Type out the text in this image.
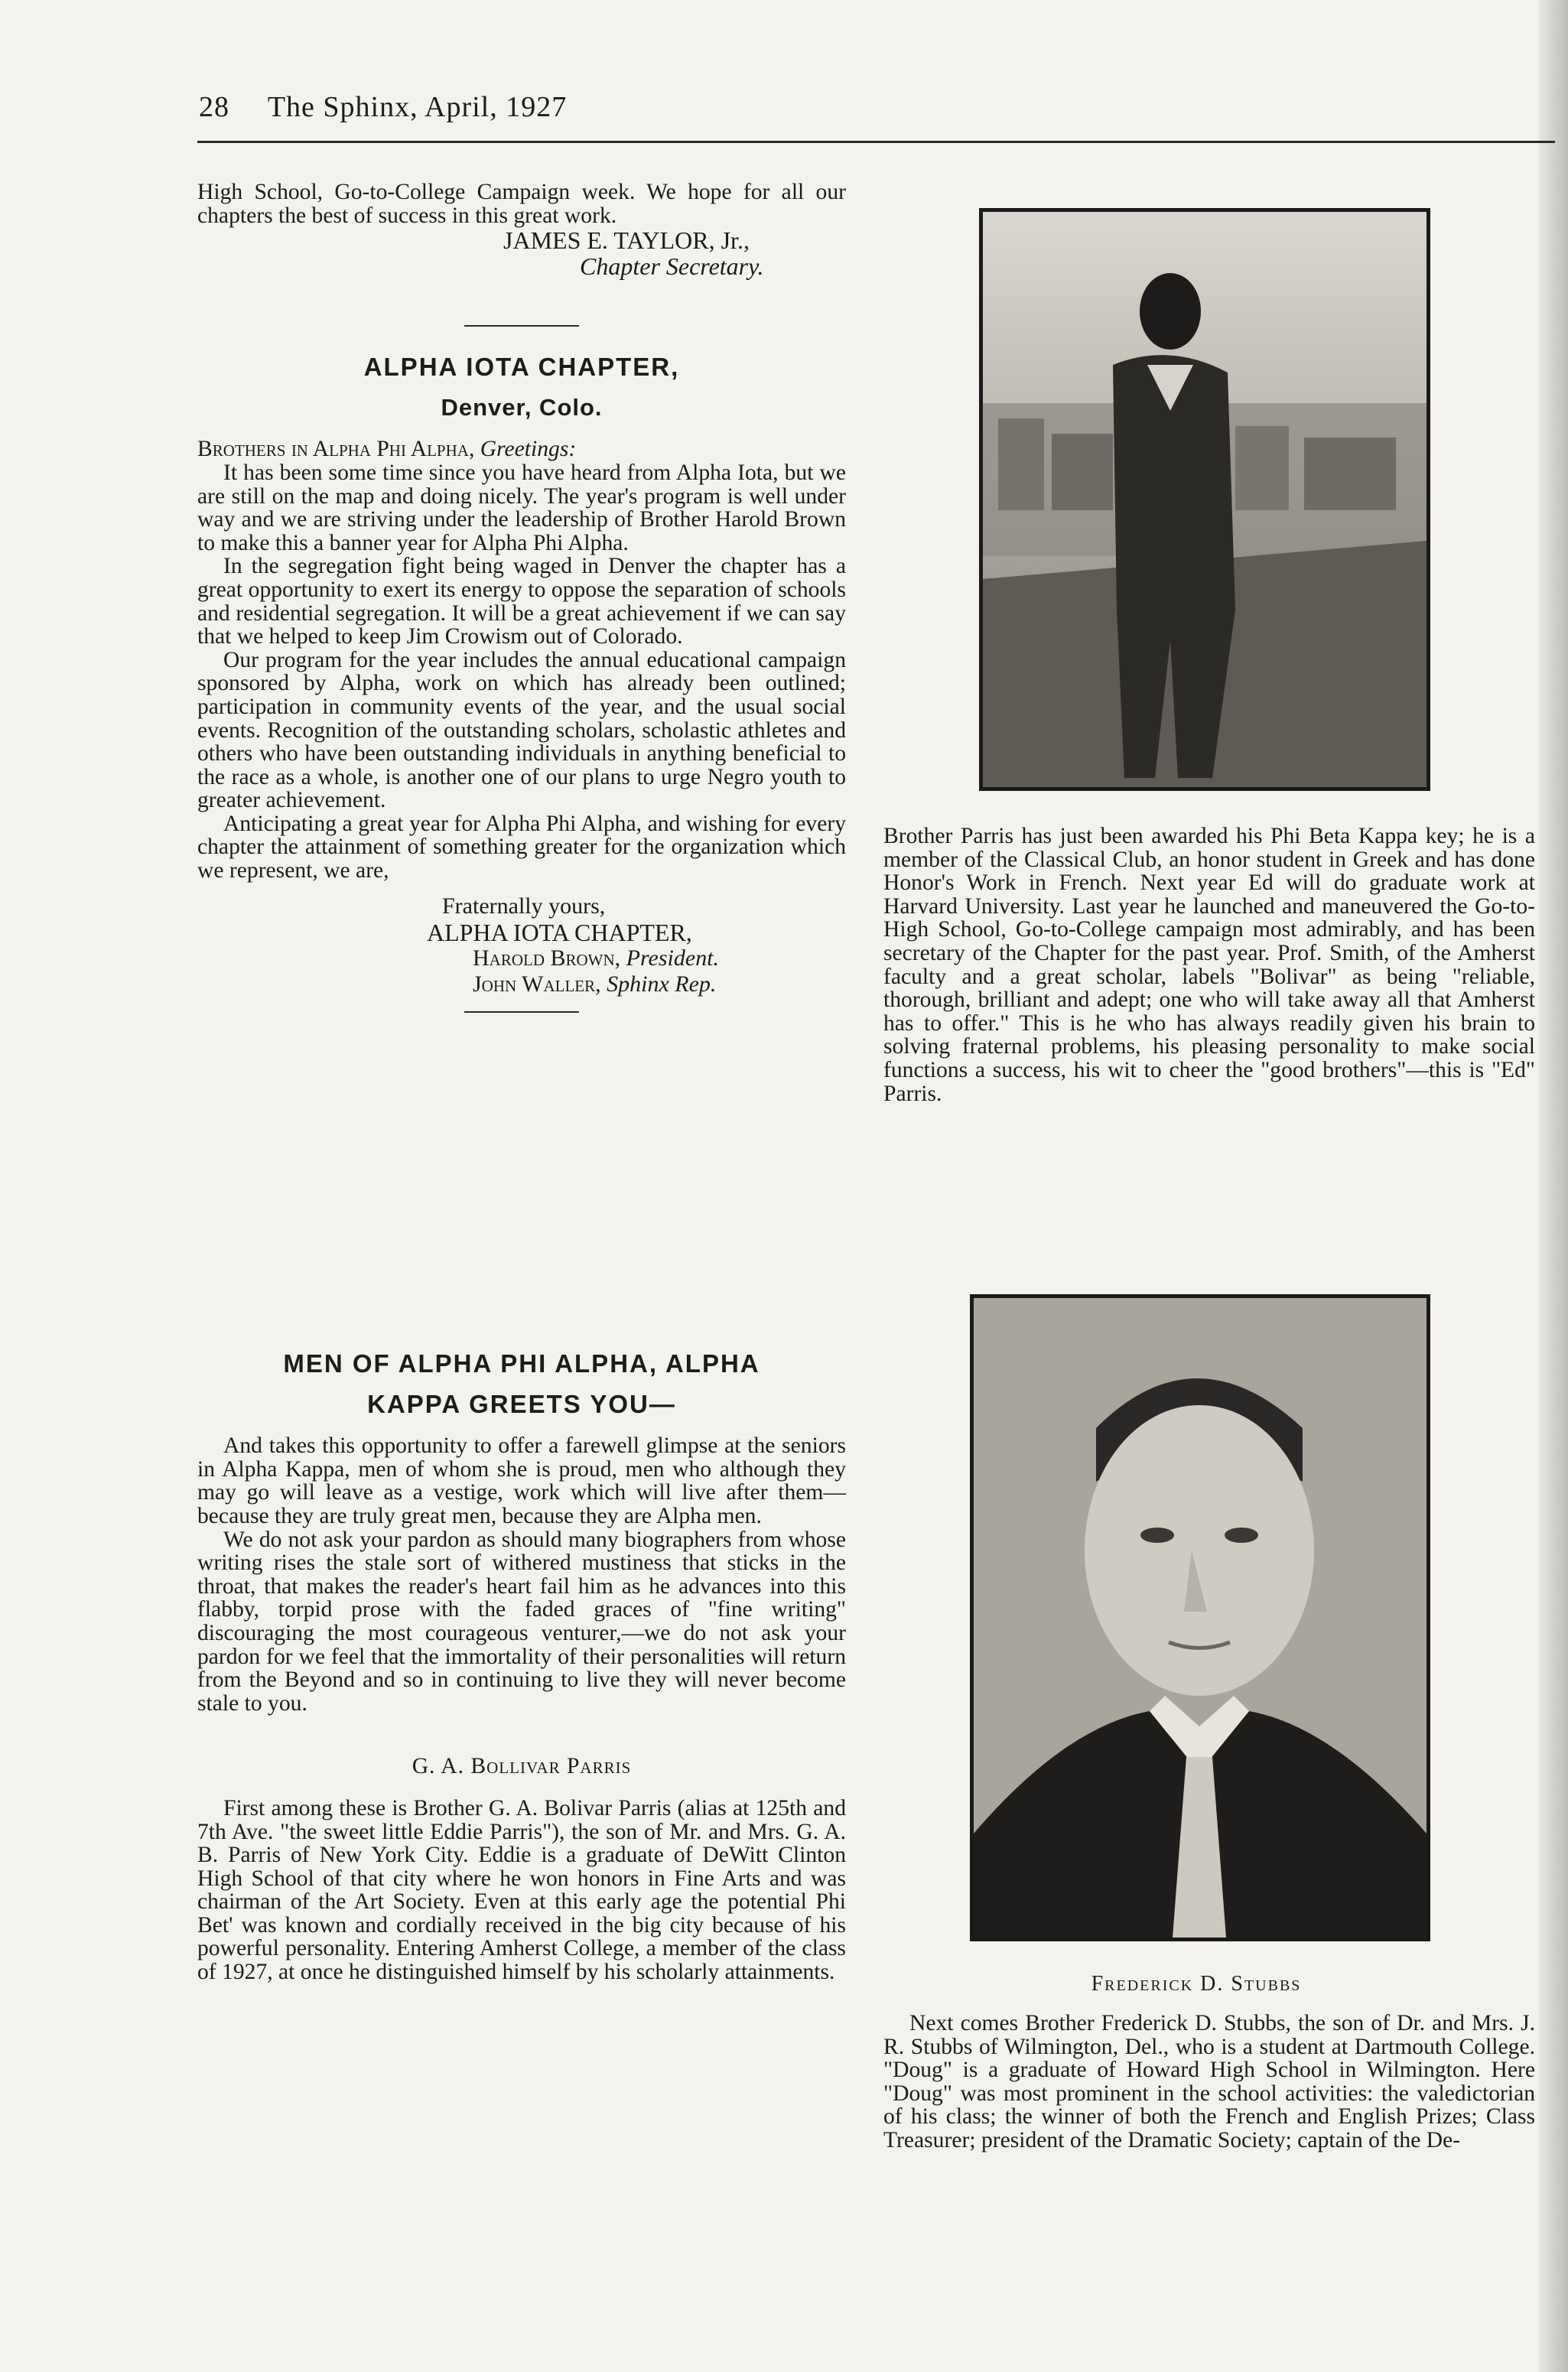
28 The Sphinx, April, 1927

High School, Go-to-College Campaign week. We hope for all our chapters the best of success in this great work.

JAMES E. TAYLOR, Jr.,
Chapter Secretary.
ALPHA IOTA CHAPTER,
Denver, Colo.

Brothers in Alpha Phi Alpha, Greetings:

It has been some time since you have heard from Alpha Iota, but we are still on the map and doing nicely. The year's program is well under way and we are striving under the leadership of Brother Harold Brown to make this a banner year for Alpha Phi Alpha.

In the segregation fight being waged in Denver the chapter has a great opportunity to exert its energy to oppose the separation of schools and residential segregation. It will be a great achievement if we can say that we helped to keep Jim Crowism out of Colorado.

Our program for the year includes the annual educational campaign sponsored by Alpha, work on which has already been outlined; participation in community events of the year, and the usual social events. Recognition of the outstanding scholars, scholastic athletes and others who have been outstanding individuals in anything beneficial to the race as a whole, is another one of our plans to urge Negro youth to greater achievement.

Anticipating a great year for Alpha Phi Alpha, and wishing for every chapter the attainment of something greater for the organization which we represent, we are,

Fraternally yours,
ALPHA IOTA CHAPTER,
Harold Brown, President.
John Waller, Sphinx Rep.
MEN OF ALPHA PHI ALPHA, ALPHA
KAPPA GREETS YOU—

And takes this opportunity to offer a farewell glimpse at the seniors in Alpha Kappa, men of whom she is proud, men who although they may go will leave as a vestige, work which will live after them—because they are truly great men, because they are Alpha men.

We do not ask your pardon as should many biographers from whose writing rises the stale sort of withered mustiness that sticks in the throat, that makes the reader's heart fail him as he advances into this flabby, torpid prose with the faded graces of "fine writing" discouraging the most courageous venturer,—we do not ask your pardon for we feel that the immortality of their personalities will return from the Beyond and so in continuing to live they will never become stale to you.

G. A. Bollivar Parris

First among these is Brother G. A. Bolivar Parris (alias at 125th and 7th Ave. "the sweet little Eddie Parris"), the son of Mr. and Mrs. G. A. B. Parris of New York City. Eddie is a graduate of DeWitt Clinton High School of that city where he won honors in Fine Arts and was chairman of the Art Society. Even at this early age the potential Phi Bet' was known and cordially received in the big city because of his powerful personality. Entering Amherst College, a member of the class of 1927, at once he distinguished himself by his scholarly attainments.

Brother Parris has just been awarded his Phi Beta Kappa key; he is a member of the Classical Club, an honor student in Greek and has done Honor's Work in French. Next year Ed will do graduate work at Harvard University. Last year he launched and maneuvered the Go-to-High School, Go-to-College campaign most admirably, and has been secretary of the Chapter for the past year. Prof. Smith, of the Amherst faculty and a great scholar, labels "Bolivar" as being "reliable, thorough, brilliant and adept; one who will take away all that Amherst has to offer." This is he who has always readily given his brain to solving fraternal problems, his pleasing personality to make social functions a success, his wit to cheer the "good brothers"—this is "Ed" Parris.

Frederick D. Stubbs

Next comes Brother Frederick D. Stubbs, the son of Dr. and Mrs. J. R. Stubbs of Wilmington, Del., who is a student at Dartmouth College. "Doug" is a graduate of Howard High School in Wilmington. Here "Doug" was most prominent in the school activities: the valedictorian of his class; the winner of both the French and English Prizes; Class Treasurer; president of the Dramatic Society; captain of the De-
